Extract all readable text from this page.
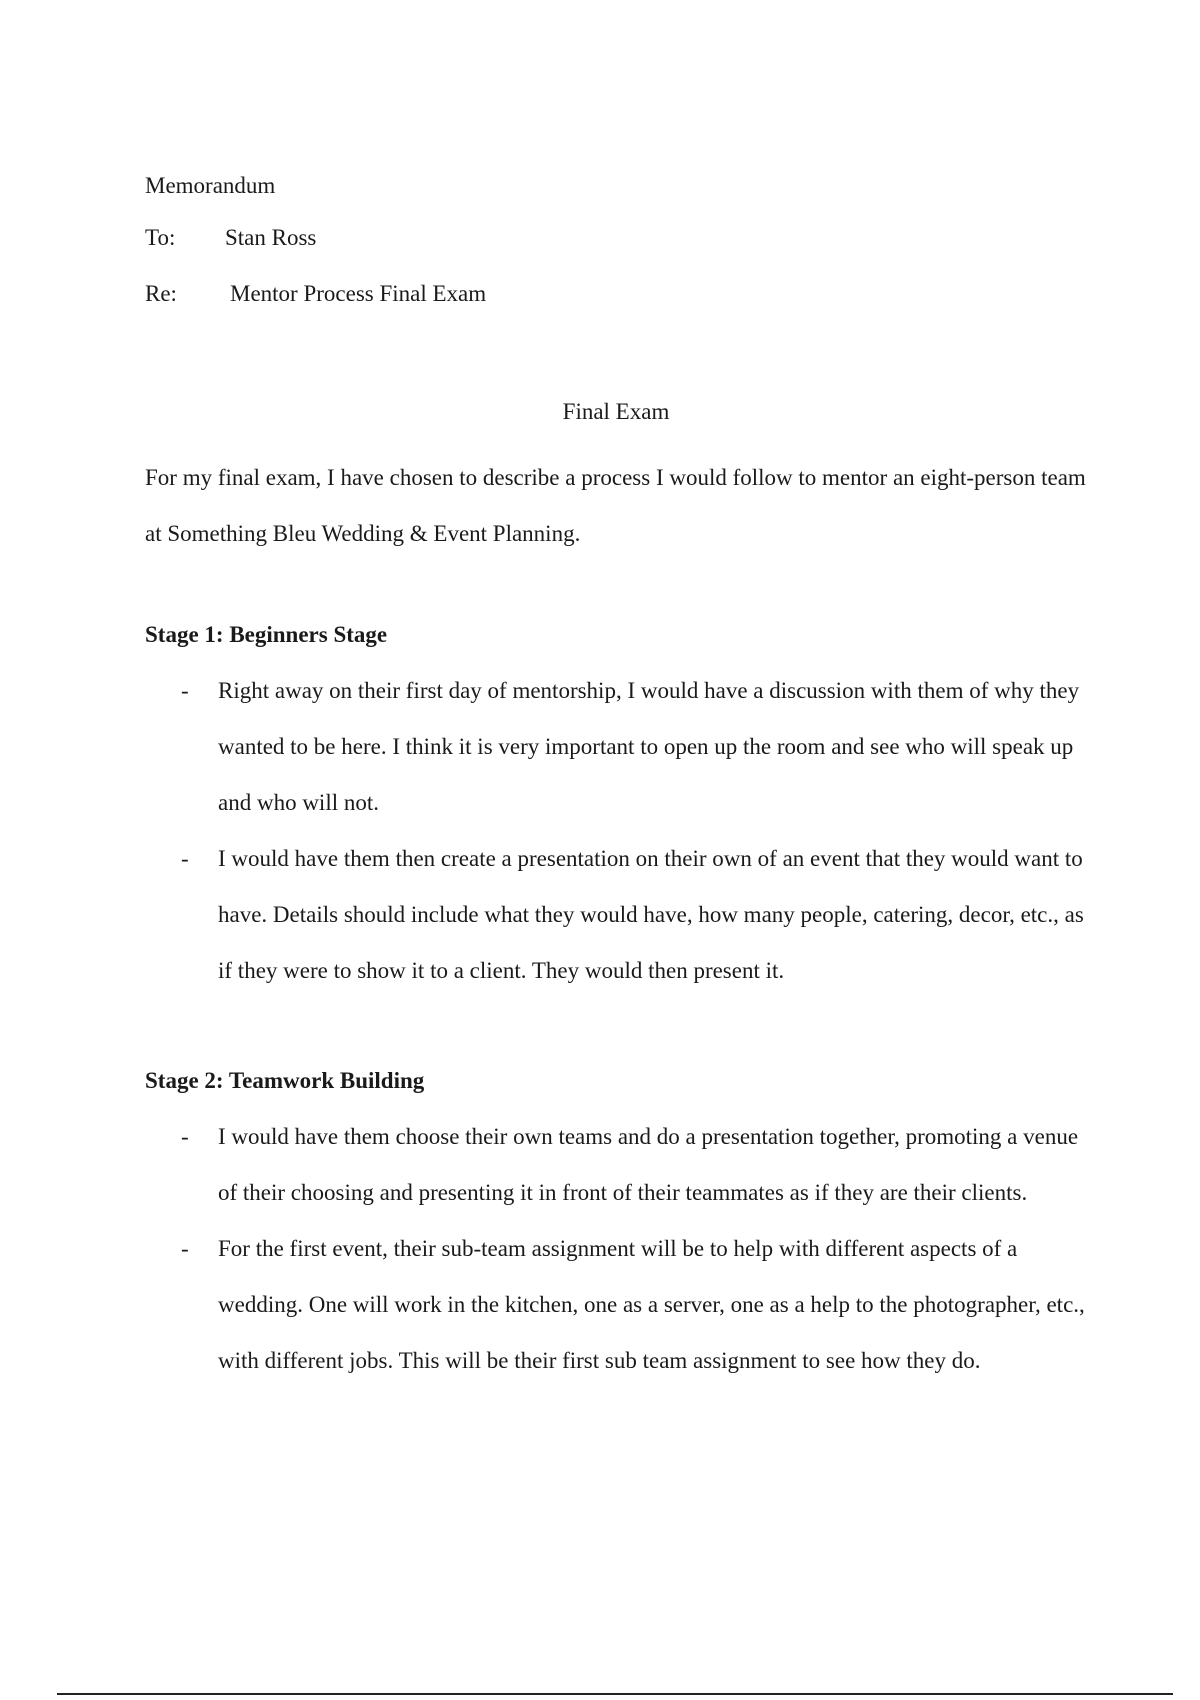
Memorandum
To: Stan Ross
Re: Mentor Process Final Exam
Final Exam

For my final exam, I have chosen to describe a process I would follow to mentor an eight-person team at Something Bleu Wedding & Event Planning.

Stage 1: Beginners Stage
- Right away on their first day of mentorship, I would have a discussion with them of why they wanted to be here. I think it is very important to open up the room and see who will speak up and who will not.
- I would have them then create a presentation on their own of an event that they would want to have. Details should include what they would have, how many people, catering, decor, etc., as if they were to show it to a client. They would then present it.
Stage 2: Teamwork Building
- I would have them choose their own teams and do a presentation together, promoting a venue of their choosing and presenting it in front of their teammates as if they are their clients.
- For the first event, their sub-team assignment will be to help with different aspects of a wedding. One will work in the kitchen, one as a server, one as a help to the photographer, etc., with different jobs. This will be their first sub team assignment to see how they do.
